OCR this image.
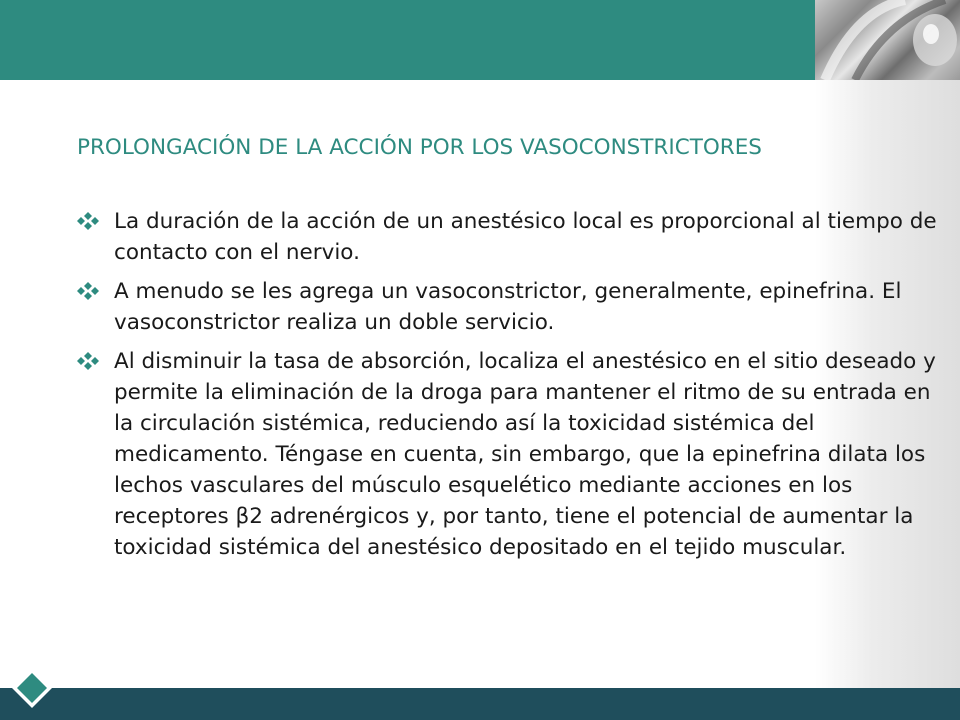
PROLONGACIÓN DE LA ACCIÓN POR LOS VASOCONSTRICTORES
La duración de la acción de un anestésico local es proporcional al tiempo de contacto con el nervio.
A menudo se les agrega un vasoconstrictor, generalmente, epinefrina. El vasoconstrictor realiza un doble servicio.
Al disminuir la tasa de absorción, localiza el anestésico en el sitio deseado y permite la eliminación de la droga para mantener el ritmo de su entrada en la circulación sistémica, reduciendo así la toxicidad sistémica del medicamento. Téngase en cuenta, sin embargo, que la epinefrina dilata los lechos vasculares del músculo esquelético mediante acciones en los receptores β2 adrenérgicos y, por tanto, tiene el potencial de aumentar la toxicidad sistémica del anestésico depositado en el tejido muscular.
